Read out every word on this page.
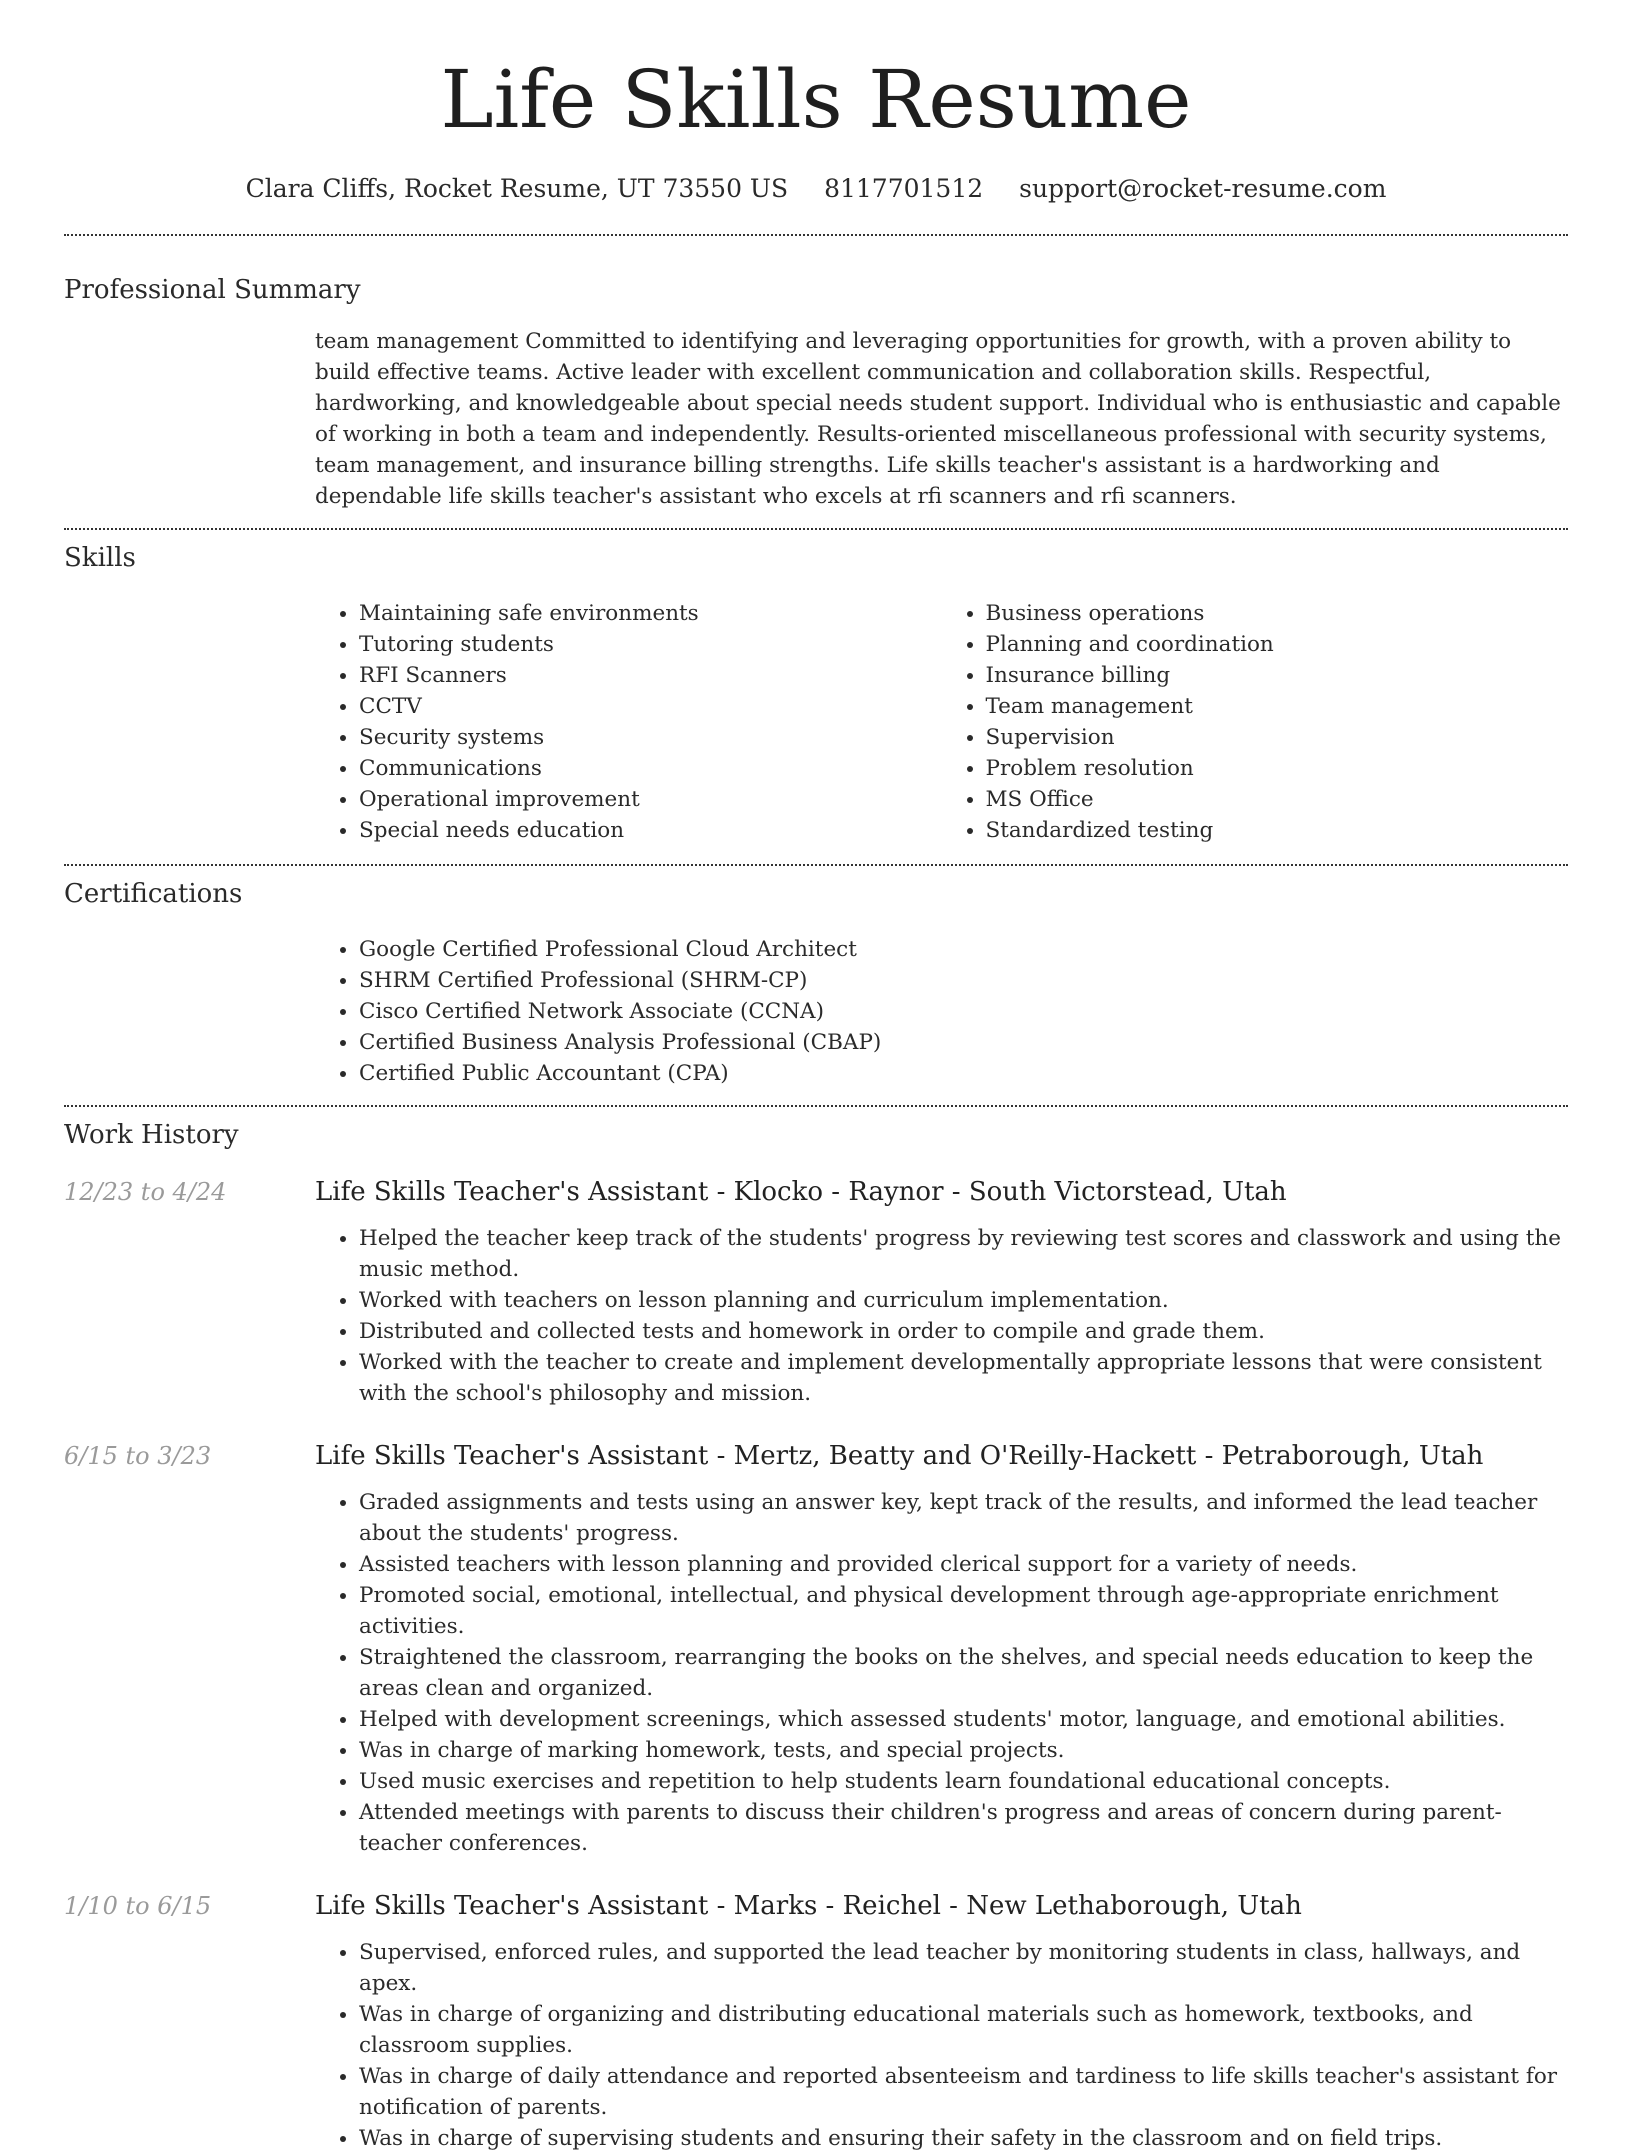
Life Skills Resume
Clara Cliffs, Rocket Resume, UT 73550 US 8117701512 support@rocket-resume.com
Professional Summary

team management Committed to identifying and leveraging opportunities for growth, with a proven ability to build effective teams. Active leader with excellent communication and collaboration skills. Respectful, hardworking, and knowledgeable about special needs student support. Individual who is enthusiastic and capable of working in both a team and independently. Results-oriented miscellaneous professional with security systems, team management, and insurance billing strengths. Life skills teacher's assistant is a hardworking and dependable life skills teacher's assistant who excels at rfi scanners and rfi scanners.

Skills
• Maintaining safe environments
• Tutoring students
• RFI Scanners
• CCTV
• Security systems
• Communications
• Operational improvement
• Special needs education
• Business operations
• Planning and coordination
• Insurance billing
• Team management
• Supervision
• Problem resolution
• MS Office
• Standardized testing
Certifications
• Google Certified Professional Cloud Architect
• SHRM Certified Professional (SHRM-CP)
• Cisco Certified Network Associate (CCNA)
• Certified Business Analysis Professional (CBAP)
• Certified Public Accountant (CPA)
Work History
12/23 to 4/24	Life Skills Teacher's Assistant - Klocko - Raynor - South Victorstead, Utah
• Helped the teacher keep track of the students' progress by reviewing test scores and classwork and using the music method.
• Worked with teachers on lesson planning and curriculum implementation.
• Distributed and collected tests and homework in order to compile and grade them.
• Worked with the teacher to create and implement developmentally appropriate lessons that were consistent with the school's philosophy and mission.
6/15 to 3/23	Life Skills Teacher's Assistant - Mertz, Beatty and O'Reilly-Hackett - Petraborough, Utah
• Graded assignments and tests using an answer key, kept track of the results, and informed the lead teacher about the students' progress.
• Assisted teachers with lesson planning and provided clerical support for a variety of needs.
• Promoted social, emotional, intellectual, and physical development through age-appropriate enrichment activities.
• Straightened the classroom, rearranging the books on the shelves, and special needs education to keep the areas clean and organized.
• Helped with development screenings, which assessed students' motor, language, and emotional abilities.
• Was in charge of marking homework, tests, and special projects.
• Used music exercises and repetition to help students learn foundational educational concepts.
• Attended meetings with parents to discuss their children's progress and areas of concern during parent-teacher conferences.
1/10 to 6/15	Life Skills Teacher's Assistant - Marks - Reichel - New Lethaborough, Utah
• Supervised, enforced rules, and supported the lead teacher by monitoring students in class, hallways, and apex.
• Was in charge of organizing and distributing educational materials such as homework, textbooks, and classroom supplies.
• Was in charge of daily attendance and reported absenteeism and tardiness to life skills teacher's assistant for notification of parents.
• Was in charge of supervising students and ensuring their safety in the classroom and on field trips.
